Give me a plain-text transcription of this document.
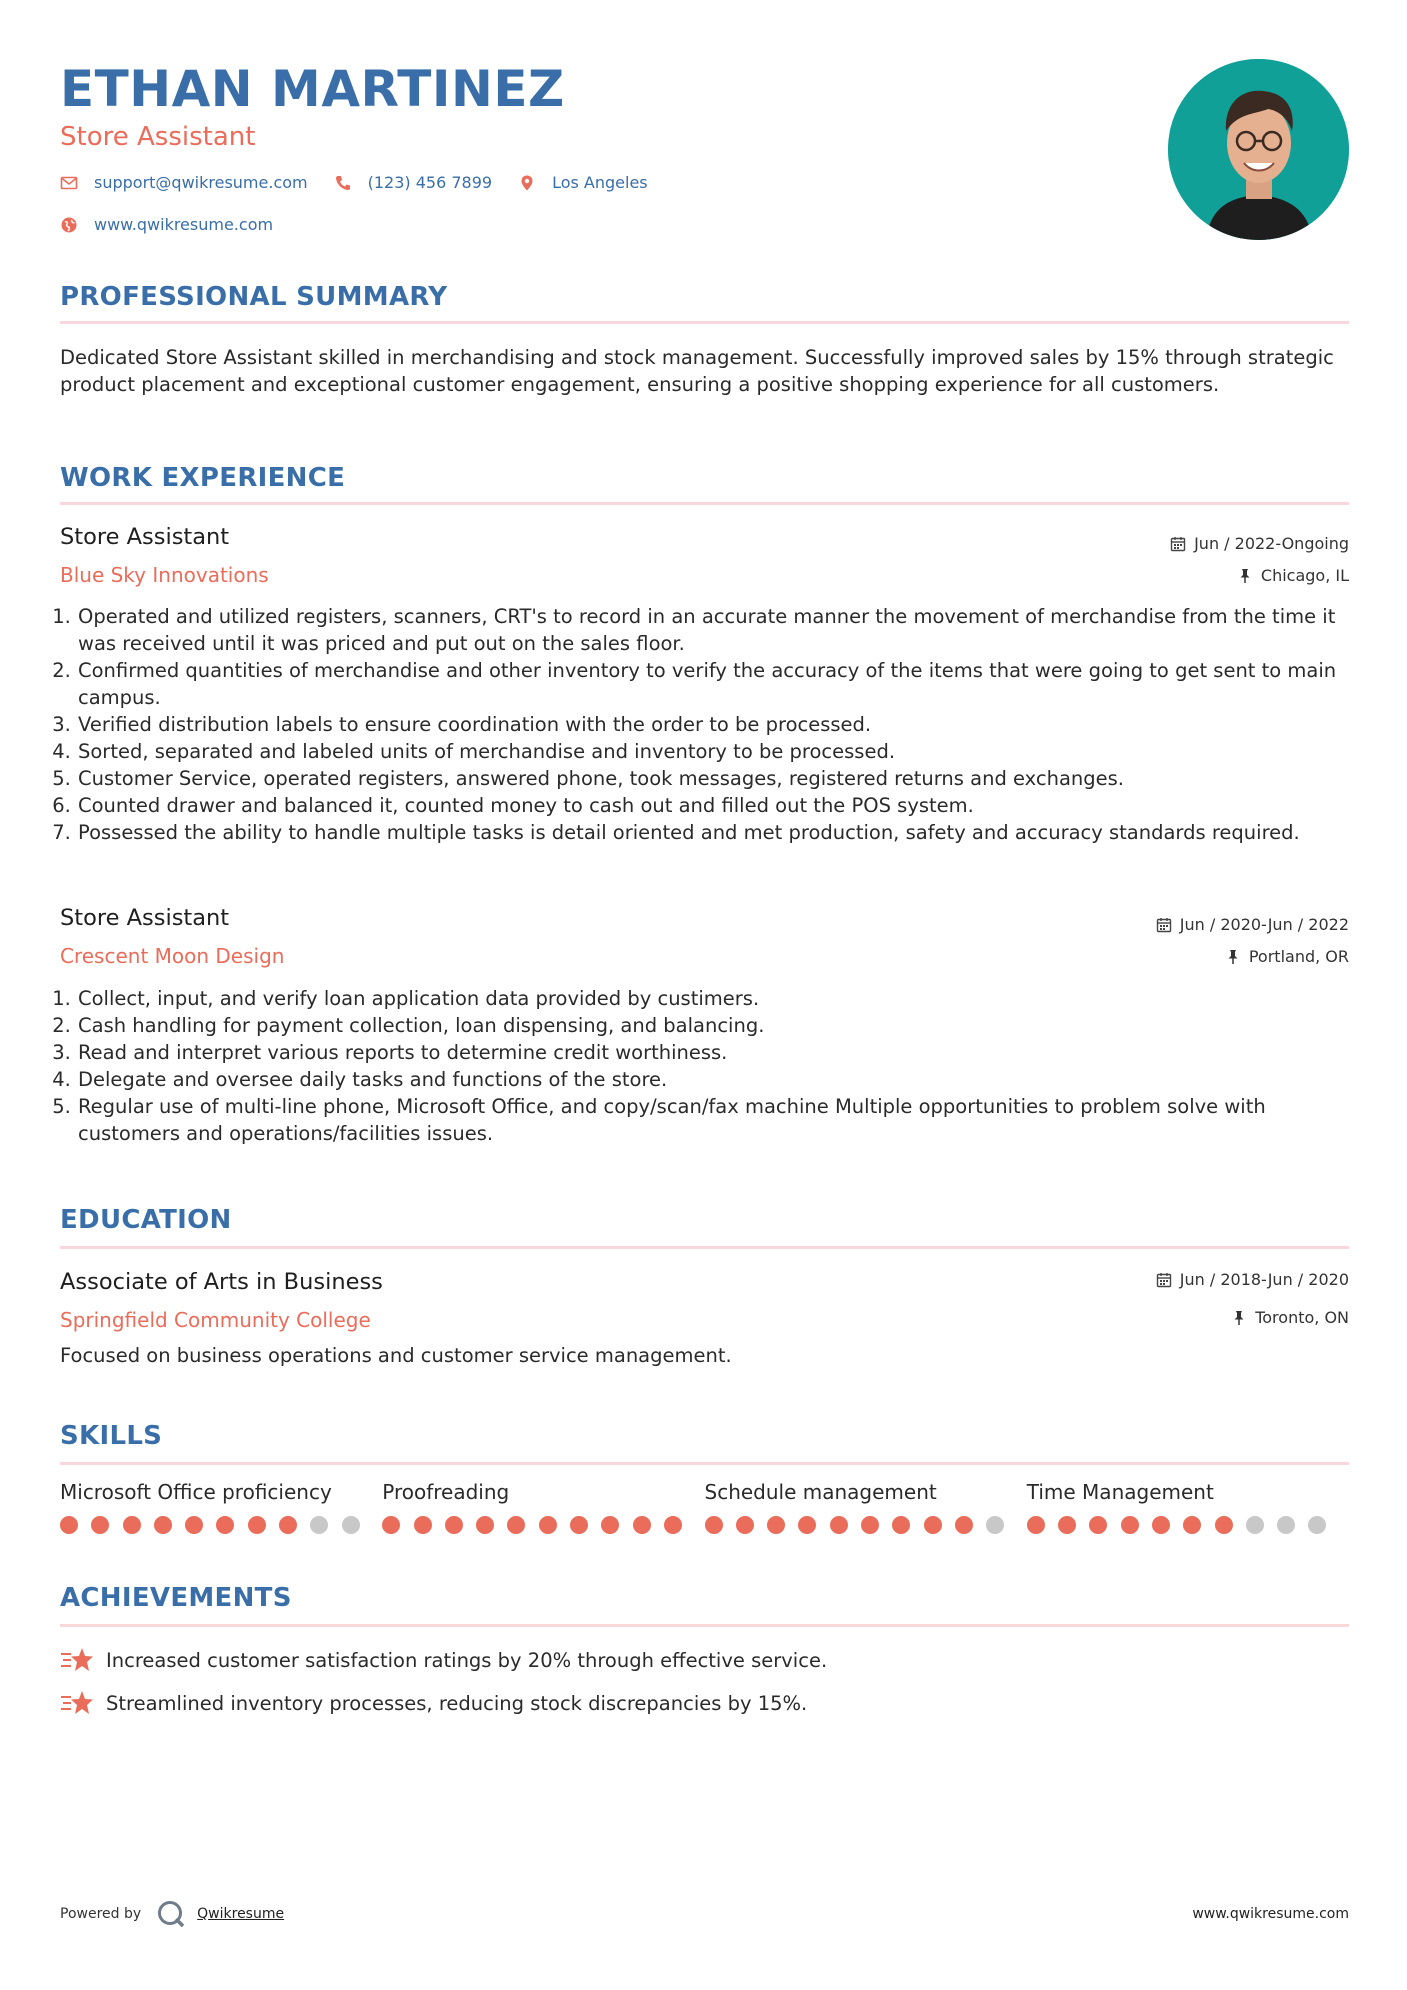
ETHAN MARTINEZ
Store Assistant
support@qwikresume.com	(123) 456 7899	Los Angeles
www.qwikresume.com
PROFESSIONAL SUMMARY
Dedicated Store Assistant skilled in merchandising and stock management. Successfully improved sales by 15% through strategic product placement and exceptional customer engagement, ensuring a positive shopping experience for all customers.
WORK EXPERIENCE
Store Assistant
Blue Sky Innovations
Jun / 2022-Ongoing
Chicago, IL
1. Operated and utilized registers, scanners, CRT's to record in an accurate manner the movement of merchandise from the time it was received until it was priced and put out on the sales floor.
2. Confirmed quantities of merchandise and other inventory to verify the accuracy of the items that were going to get sent to main campus.
3. Verified distribution labels to ensure coordination with the order to be processed.
4. Sorted, separated and labeled units of merchandise and inventory to be processed.
5. Customer Service, operated registers, answered phone, took messages, registered returns and exchanges.
6. Counted drawer and balanced it, counted money to cash out and filled out the POS system.
7. Possessed the ability to handle multiple tasks is detail oriented and met production, safety and accuracy standards required.
Store Assistant
Crescent Moon Design
Jun / 2020-Jun / 2022
Portland, OR
1. Collect, input, and verify loan application data provided by custimers.
2. Cash handling for payment collection, loan dispensing, and balancing.
3. Read and interpret various reports to determine credit worthiness.
4. Delegate and oversee daily tasks and functions of the store.
5. Regular use of multi-line phone, Microsoft Office, and copy/scan/fax machine Multiple opportunities to problem solve with customers and operations/facilities issues.
EDUCATION
Associate of Arts in Business
Springfield Community College
Jun / 2018-Jun / 2020
Toronto, ON
Focused on business operations and customer service management.
SKILLS
Microsoft Office proficiency	Proofreading	Schedule management	Time Management
ACHIEVEMENTS
Increased customer satisfaction ratings by 20% through effective service.
Streamlined inventory processes, reducing stock discrepancies by 15%.
Powered by	Qwikresume	www.qwikresume.com
